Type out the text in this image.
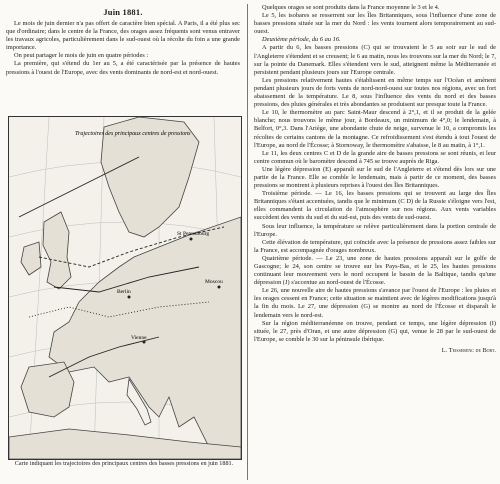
Juin 1881.

Le mois de juin dernier n'a pas offert de caractère bien spécial. A Paris, il a été plus sec que d'ordinaire; dans le centre de la France, des orages assez fréquents sont venus entraver les travaux agricoles, particulièrement dans le sud-ouest où la récolte du foin a une grande importance.

On peut partager le mois de juin en quatre périodes :

La première, qui s'étend du 1er au 5, a été caractérisée par la présence de hautes pressions à l'ouest de l'Europe, avec des vents dominants de nord-est et nord-ouest.

Trajectoires des principaux centres de pressions
St Petersbourg
Berlin
Vienne
Moscou
Carte indiquant les trajectoires des principaux centres des basses pressions en juin 1881.

Quelques orages se sont produits dans la France moyenne le 3 et le 4.

Le 5, les isobares se resserrent sur les Îles Britanniques, sous l'influence d'une zone de basses pressions située sur la mer du Nord : les vents tournent alors temporairement au sud-ouest.

Deuxième période, du 6 au 16.

A partir du 6, les basses pressions (C) qui se trouvaient le 5 au soir sur le sud de l'Angleterre s'étendent et se creusent; le 6 au matin, nous les trouvons sur la mer du Nord; le 7, sur la pointe du Danemark. Elles s'étendent vers le sud, atteignent même la Méditerranée et persistent pendant plusieurs jours sur l'Europe centrale.

Les pressions relativement hautes s'établissent en même temps sur l'Océan et amènent pendant plusieurs jours de forts vents de nord-nord-ouest sur toutes nos régions, avec un fort abaissement de la température. Le 8, sous l'influence des vents du nord et des basses pressions, des pluies générales et très abondantes se produisent sur presque toute la France.

Le 10, le thermomètre au parc Saint-Maur descend à 2°,1, et il se produit de la gelée blanche; nous trouvons le même jour, à Bordeaux, un minimum de 4°,0; le lendemain, à Belfort, 0°,3. Dans l'Ariège, une abondante chute de neige, survenue le 10, a compromis les récoltes de certains cantons de la montagne. Ce refroidissement s'est étendu à tout l'ouest de l'Europe, au nord de l'Écosse; à Stornoway, le thermomètre s'abaisse, le 8 au matin, à 1°,1.

Le 11, les deux centres C et D de la grande aire de basses pressions se sont réunis, et leur centre commun où le baromètre descend à 745 se trouve auprès de Riga.

Une légère dépression (E) apparaît sur le sud de l'Angleterre et s'étend dès lors sur une partie de la France. Elle se comble le lendemain, mais à partir de ce moment, des basses pressions se montrent à plusieurs reprises à l'ouest des Îles Britanniques.

Troisième période. — Le 16, les basses pressions qui se trouvent au large des Îles Britanniques s'étant accentuées, tandis que le minimum (C D) de la Russie s'éloigne vers l'est, elles commandent la circulation de l'atmosphère sur nos régions. Aux vents variables succèdent des vents du sud et du sud-est, puis des vents de sud-ouest.

Sous leur influence, la température se relève particulièrement dans la portion centrale de l'Europe.

Cette élévation de température, qui coïncide avec la présence de pressions assez faibles sur la France, est accompagnée d'orages nombreux.

Quatrième période. — Le 23, une zone de hautes pressions apparaît sur le golfe de Gascogne; le 24, son centre se trouve sur les Pays-Bas, et le 25, les hautes pressions continuant leur mouvement vers le nord occupent le bassin de la Baltique, tandis qu'une dépression (J) s'accentue au nord-ouest de l'Écosse.

Le 26, une nouvelle aire de hautes pressions s'avance par l'ouest de l'Europe : les pluies et les orages cessent en France; cette situation se maintient avec de légères modifications jusqu'à la fin du mois. Le 27, une dépression (G) se montre au nord de l'Écosse et disparaît le lendemain vers le nord-est.

Sur la région méditerranéenne on trouve, pendant ce temps, une légère dépression (I) située, le 27, près d'Oran, et une autre dépression (G) qui, venue le 28 par le sud-ouest de l'Europe, se comble le 30 sur la péninsule ibérique.

L. Teisserenc de Bort.
